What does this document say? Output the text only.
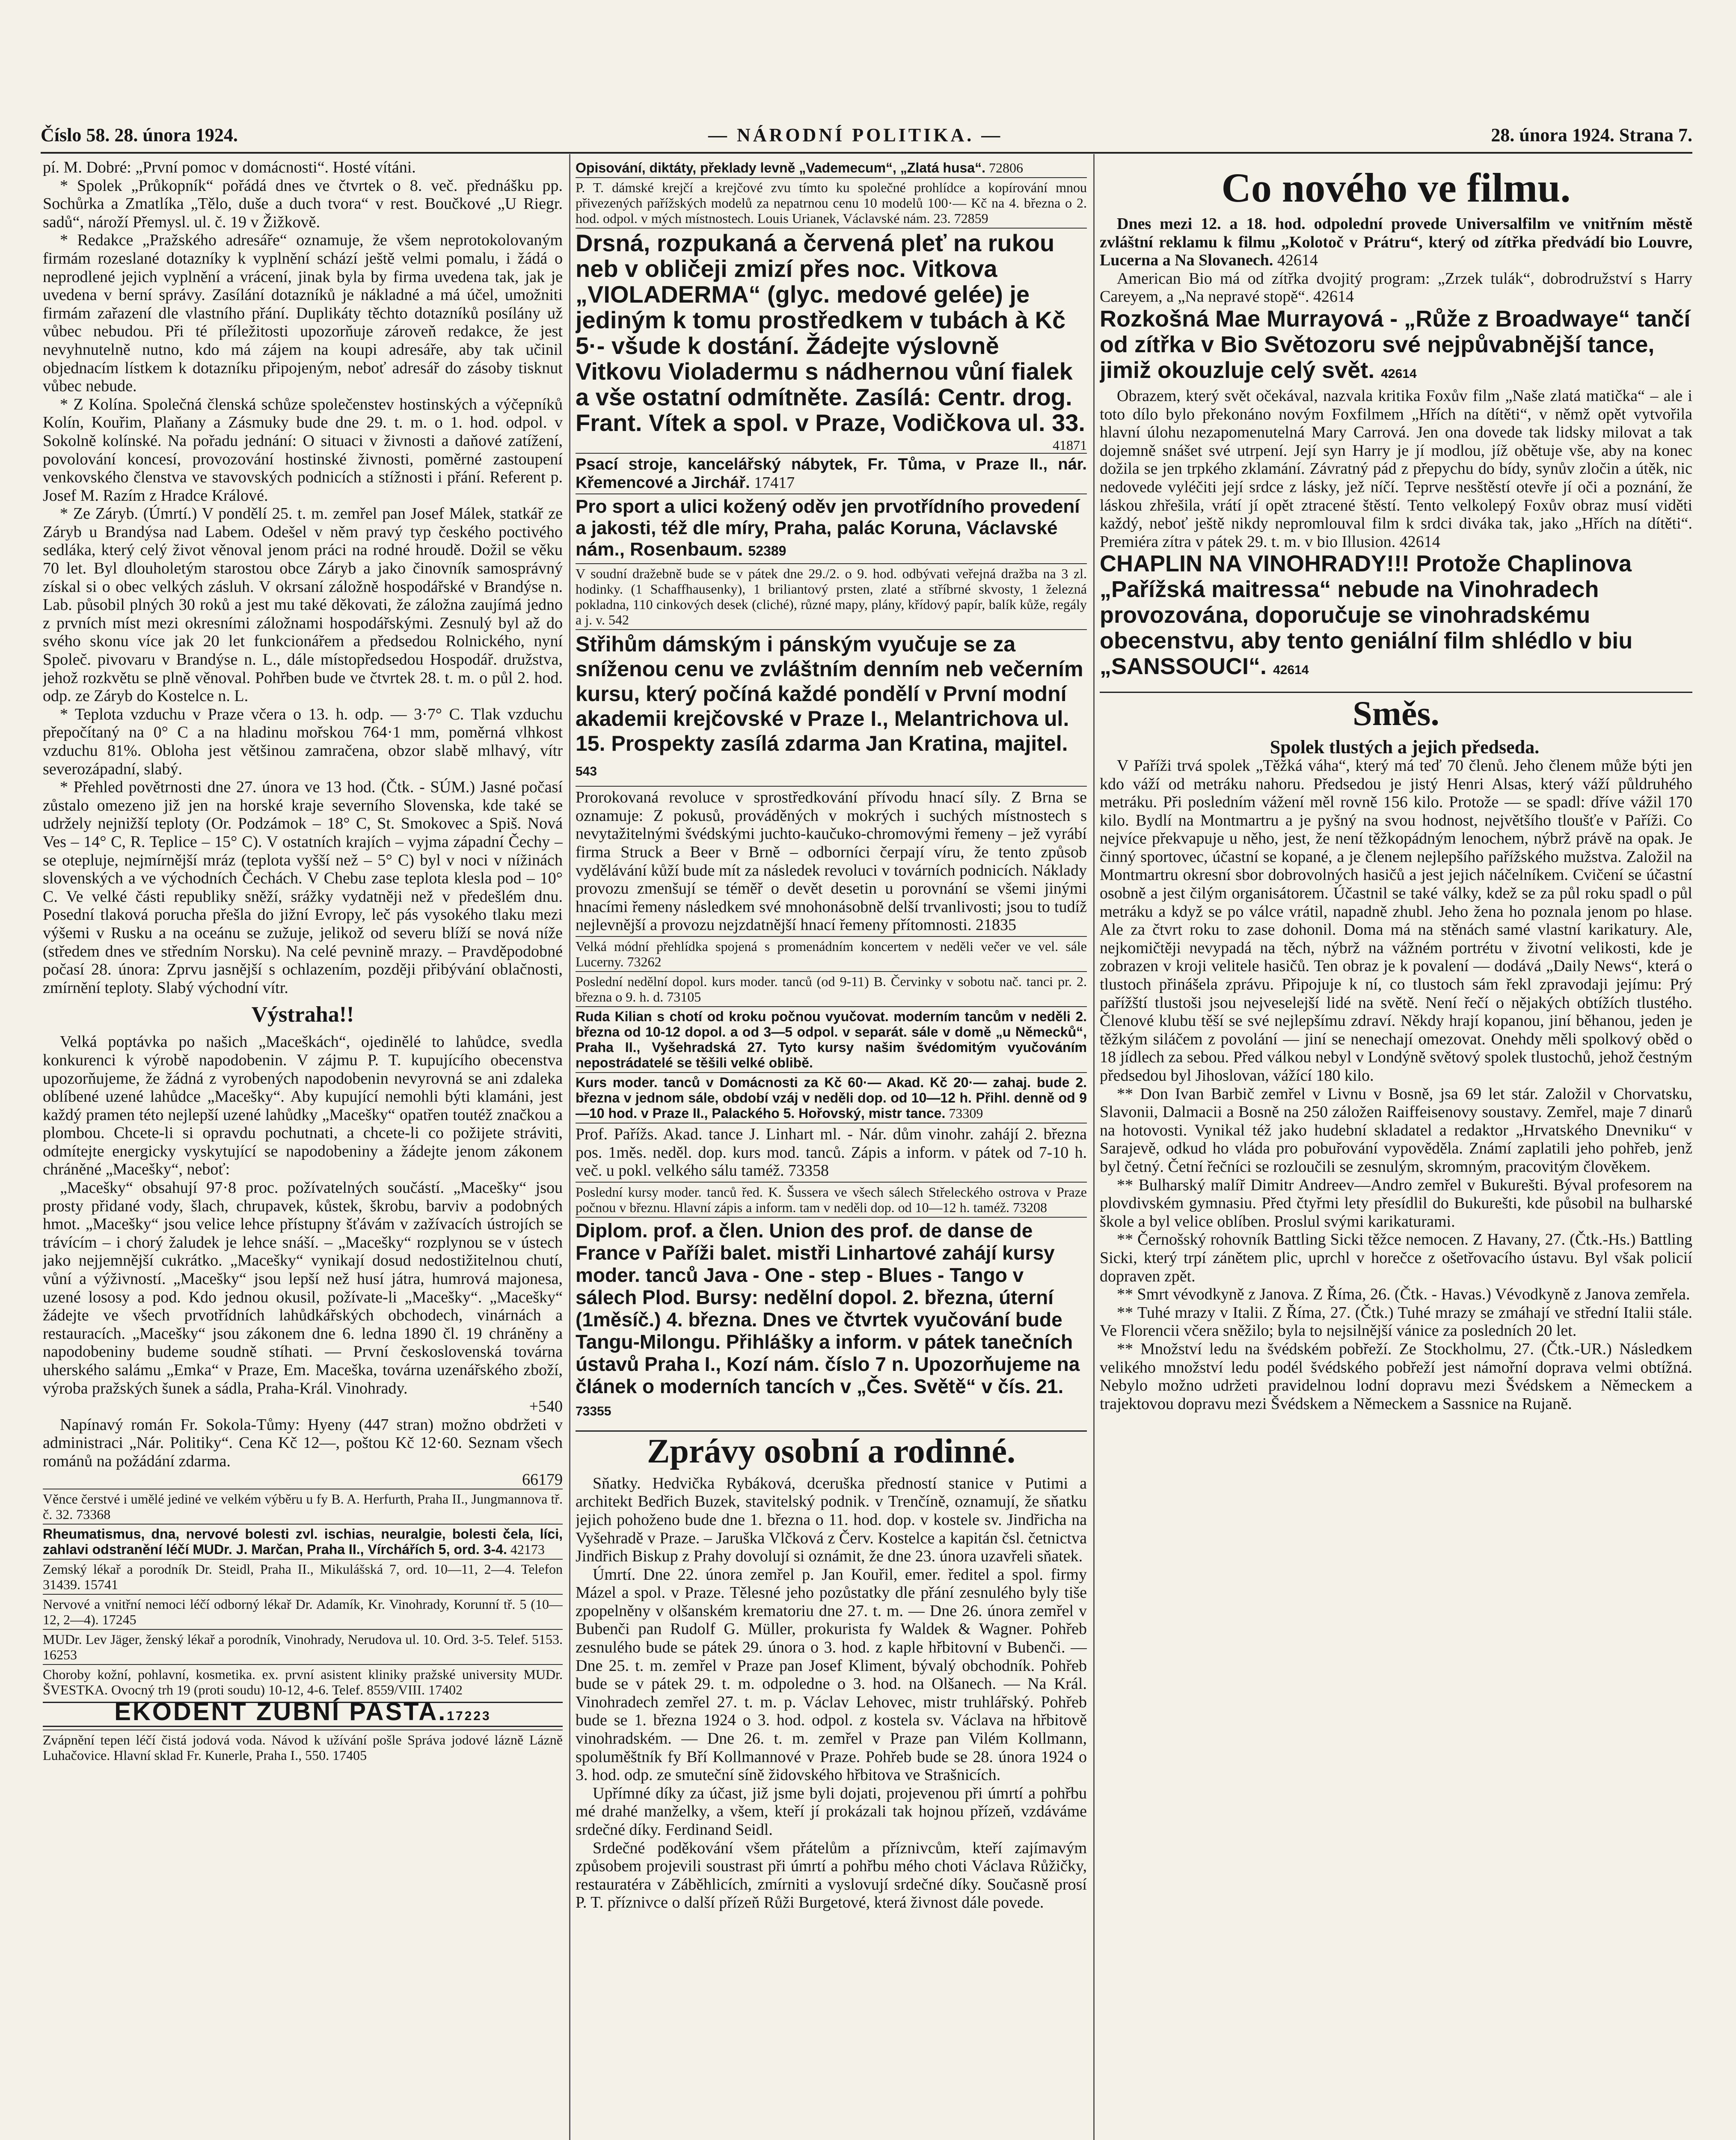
Číslo 58. 28. února 1924.	— NÁRODNÍ POLITIKA. —	28. února 1924. Strana 7.

pí. M. Dobré: „První pomoc v domácnosti“. Hosté vítáni.

* Spolek „Průkopník“ pořádá dnes ve čtvrtek o 8. več. přednášku pp. Sochůrka a Zmatlíka „Tělo, duše a duch tvora“ v rest. Boučkové „U Riegr. sadů“, nároží Přemysl. ul. č. 19 v Žižkově.

* Redakce „Pražského adresáře“ oznamuje, že všem neprotokolovaným firmám rozeslané dotazníky k vyplnění schází ještě velmi pomalu, i žádá o neprodlené jejich vyplnění a vrácení, jinak byla by firma uvedena tak, jak je uvedena v berní správy. Zasílání dotazníků je nákladné a má účel, umožniti firmám zařazení dle vlastního přání. Duplikáty těchto dotazníků posílány už vůbec nebudou. Při té příležitosti upozorňuje zároveň redakce, že jest nevyhnutelně nutno, kdo má zájem na koupi adresáře, aby tak učinil objednacím lístkem k dotazníku připojeným, neboť adresář do zásoby tisknut vůbec nebude.

* Z Kolína. Společná členská schůze společenstev hostinských a výčepníků Kolín, Kouřim, Plaňany a Zásmuky bude dne 29. t. m. o 1. hod. odpol. v Sokolně kolínské. Na pořadu jednání: O situaci v živnosti a daňové zatížení, povolování koncesí, provozování hostinské živnosti, poměrné zastoupení venkovského členstva ve stavovských podnicích a stížnosti i přání. Referent p. Josef M. Razím z Hradce Králové.

* Ze Záryb. (Úmrtí.) V pondělí 25. t. m. zemřel pan Josef Málek, statkář ze Záryb u Brandýsa nad Labem. Odešel v něm pravý typ českého poctivého sedláka, který celý život věnoval jenom práci na rodné hroudě. Dožil se věku 70 let. Byl dlouholetým starostou obce Záryb a jako činovník samosprávný získal si o obec velkých zásluh. V okrsaní záložně hospodářské v Brandýse n. Lab. působil plných 30 roků a jest mu také děkovati, že záložna zaujímá jedno z prvních míst mezi okresními záložnami hospodářskými. Zesnulý byl až do svého skonu více jak 20 let funkcionářem a předsedou Rolnického, nyní Společ. pivovaru v Brandýse n. L., dále místopředsedou Hospodář. družstva, jehož rozkvětu se plně věnoval. Pohřben bude ve čtvrtek 28. t. m. o půl 2. hod. odp. ze Záryb do Kostelce n. L.

* Teplota vzduchu v Praze včera o 13. h. odp. — 3·7° C. Tlak vzduchu přepočítaný na 0° C a na hladinu mořskou 764·1 mm, poměrná vlhkost vzduchu 81%. Obloha jest většinou zamračena, obzor slabě mlhavý, vítr severozápadní, slabý.

* Přehled povětrnosti dne 27. února ve 13 hod. (Čtk. - SÚM.) Jasné počasí zůstalo omezeno již jen na horské kraje severního Slovenska, kde také se udržely nejnižší teploty (Or. Podzámok – 18° C, St. Smokovec a Spiš. Nová Ves – 14° C, R. Teplice – 15° C). V ostatních krajích – vyjma západní Čechy – se otepluje, nejmírnější mráz (teplota vyšší než – 5° C) byl v noci v nížinách slovenských a ve východních Čechách. V Chebu zase teplota klesla pod – 10° C. Ve velké části republiky sněží, srážky vydatněji než v předešlém dnu. Posední tlaková porucha přešla do jižní Evropy, leč pás vysokého tlaku mezi výšemi v Rusku a na oceánu se zužuje, jelikož od severu blíží se nová níže (středem dnes ve středním Norsku). Na celé pevnině mrazy. – Pravděpodobné počasí 28. února: Zprvu jasnější s ochlazením, později přibývání oblačnosti, zmírnění teploty. Slabý východní vítr.

Výstraha!!

Velká poptávka po našich „Maceškách“, ojedinělé to lahůdce, svedla konkurenci k výrobě napodobenin. V zájmu P. T. kupujícího obecenstva upozorňujeme, že žádná z vyrobených napodobenin nevyrovná se ani zdaleka oblíbené uzené lahůdce „Macešky“. Aby kupující nemohli býti klamáni, jest každý pramen této nejlepší uzené lahůdky „Macešky“ opatřen toutéž značkou a plombou. Chcete-li si opravdu pochutnati, a chcete-li co požijete stráviti, odmítejte energicky vyskytující se napodobeniny a žádejte jenom zákonem chráněné „Macešky“, neboť:

„Macešky“ obsahují 97·8 proc. požívatelných součástí. „Macešky“ jsou prosty přidané vody, šlach, chrupavek, kůstek, škrobu, barviv a podobných hmot. „Macešky“ jsou velice lehce přístupny šťávám v zažívacích ústrojích se trávícím – i chorý žaludek je lehce snáší. – „Macešky“ rozplynou se v ústech jako nejjemnější cukrátko. „Macešky“ vynikají dosud nedostižitelnou chutí, vůní a výživností. „Macešky“ jsou lepší než husí játra, humrová majonesa, uzené lososy a pod. Kdo jednou okusil, požívate-li „Macešky“. „Macešky“ žádejte ve všech prvotřídních lahůdkářských obchodech, vinárnách a restauracích. „Macešky“ jsou zákonem dne 6. ledna 1890 čl. 19 chráněny a napodobeniny budeme soudně stíhati. — První československá továrna uherského salámu „Emka“ v Praze, Em. Maceška, továrna uzenářského zboží, výroba pražských šunek a sádla, Praha-Král. Vinohrady.

+540

Napínavý román Fr. Sokola-Tůmy: Hyeny (447 stran) možno obdržeti v administraci „Nár. Politiky“. Cena Kč 12—, poštou Kč 12·60. Seznam všech románů na požádání zdarma.

66179

Věnce čerstvé i umělé jediné ve velkém výběru u fy B. A. Herfurth, Praha II., Jungmannova tř. č. 32. 73368
Rheumatismus, dna, nervové bolesti zvl. ischias, neuralgie, bolesti čela, líci, zahlavi odstranění léčí MUDr. J. Marčan, Praha II., Vírchářích 5, ord. 3-4. 42173
Zemský lékař a porodník Dr. Steidl, Praha II., Mikulášská 7, ord. 10—11, 2—4. Telefon 31439. 15741
Nervové a vnitřní nemoci léčí odborný lékař Dr. Adamík, Kr. Vinohrady, Korunní tř. 5 (10—12, 2—4). 17245
MUDr. Lev Jäger, ženský lékař a porodník, Vinohrady, Nerudova ul. 10. Ord. 3-5. Telef. 5153. 16253
Choroby kožní, pohlavní, kosmetika. ex. první asistent kliniky pražské university MUDr. ŠVESTKA. Ovocný trh 19 (proti soudu) 10-12, 4-6. Telef. 8559/VIII. 17402
EKODENT ZUBNÍ PASTA.17223
Zvápnění tepen léčí čistá jodová voda. Návod k užívání pošle Správa jodové lázně Lázně Luhačovice. Hlavní sklad Fr. Kunerle, Praha I., 550. 17405
Opisování, diktáty, překlady levně „Vademecum“, „Zlatá husa“. 72806
P. T. dámské krejčí a krejčové zvu tímto ku společné prohlídce a kopírování mnou přivezených pařížských modelů za nepatrnou cenu 10 modelů 100·— Kč na 4. března o 2. hod. odpol. v mých místnostech. Louis Urianek, Václavské nám. 23. 72859
Drsná, rozpukaná a červená pleť na rukou neb v obličeji zmizí přes noc. Vitkova „VIOLADERMA“ (glyc. medové gelée) je jediným k tomu prostředkem v tubách à Kč 5·- všude k dostání. Žádejte výslovně Vitkovu Violadermu s nádhernou vůní fialek a vše ostatní odmítněte. Zasílá: Centr. drog. Frant. Vítek a spol. v Praze, Vodičkova ul. 33.

41871

Psací stroje, kancelářský nábytek, Fr. Tůma, v Praze II., nár. Křemencové a Jirchář. 17417
Pro sport a ulici kožený oděv jen prvotřídního provedení a jakosti, též dle míry, Praha, palác Koruna, Václavské nám., Rosenbaum. 52389
V soudní dražebně bude se v pátek dne 29./2. o 9. hod. odbývati veřejná dražba na 3 zl. hodinky. (1 Schaffhausenky), 1 briliantový prsten, zlaté a stříbrné skvosty, 1 železná pokladna, 110 cinkových desek (cliché), různé mapy, plány, křídový papír, balík kůže, regály a j. v. 542
Střihům dámským i pánským vyučuje se za sníženou cenu ve zvláštním denním neb večerním kursu, který počíná každé pondělí v První modní akademii krejčovské v Praze I., Melantrichova ul. 15. Prospekty zasílá zdarma Jan Kratina, majitel. 543
Prorokovaná revoluce v sprostředkování přívodu hnací síly. Z Brna se oznamuje: Z pokusů, prováděných v mokrých i suchých místnostech s nevytažitelnými švédskými juchto-kaučuko-chromovými řemeny – jež vyrábí firma Struck a Beer v Brně – odborníci čerpají víru, že tento způsob vydělávání kůží bude mít za následek revoluci v továrních podnicích. Náklady provozu zmenšují se téměř o devět desetin u porovnání se všemi jinými hnacími řemeny následkem své mnohonásobně delší trvanlivosti; jsou to tudíž nejlevnější a provozu nejzdatnější hnací řemeny přítomnosti. 21835
Velká módní přehlídka spojená s promenádním koncertem v neděli večer ve vel. sále Lucerny. 73262
Poslední nedělní dopol. kurs moder. tanců (od 9-11) B. Červinky v sobotu nač. tanci pr. 2. března o 9. h. d. 73105
Ruda Kilian s chotí od kroku počnou vyučovat. moderním tancům v neděli 2. března od 10-12 dopol. a od 3—5 odpol. v separát. sále v domě „u Německů“, Praha II., Vyšehradská 27. Tyto kursy našim švédomitým vyučováním nepostrádatelé se těšili velké oblibě.
Kurs moder. tanců v Domácnosti za Kč 60·— Akad. Kč 20·— zahaj. bude 2. března v jednom sále, období vzáj v neděli dop. od 10—12 h. Přihl. denně od 9—10 hod. v Praze II., Palackého 5. Hořovský, mistr tance. 73309
Prof. Pařížs. Akad. tance J. Linhart ml. - Nár. dům vinohr. zahájí 2. března pos. 1měs. neděl. dop. kurs mod. tanců. Zápis a inform. v pátek od 7-10 h. več. u pokl. velkého sálu taméž. 73358
Poslední kursy moder. tanců řed. K. Šussera ve všech sálech Střeleckého ostrova v Praze počnou v březnu. Hlavní zápis a inform. tam v neděli dop. od 10—12 h. taméž. 73208
Diplom. prof. a člen. Union des prof. de danse de France v Paříži balet. mistři Linhartové zahájí kursy moder. tanců Java - One - step - Blues - Tango v sálech Plod. Bursy: nedělní dopol. 2. března, úterní (1měsíč.) 4. března. Dnes ve čtvrtek vyučování bude Tangu-Milongu. Přihlášky a inform. v pátek tanečních ústavů Praha I., Kozí nám. číslo 7 n. Upozorňujeme na článek o moderních tancích v „Čes. Světě“ v čís. 21. 73355
Zprávy osobní a rodinné.

Sňatky. Hedvička Rybáková, dceruška předností stanice v Putimi a architekt Bedřich Buzek, stavitelský podnik. v Trenčíně, oznamují, že sňatku jejich pohoženo bude dne 1. března o 11. hod. dop. v kostele sv. Jindřicha na Vyšehradě v Praze. – Jaruška Vlčková z Červ. Kostelce a kapitán čsl. četnictva Jindřich Biskup z Prahy dovolují si oznámit, že dne 23. února uzavřeli sňatek.

Úmrtí. Dne 22. února zemřel p. Jan Kouřil, emer. ředitel a spol. firmy Mázel a spol. v Praze. Tělesné jeho pozůstatky dle přání zesnulého byly tiše zpopelněny v olšanském krematoriu dne 27. t. m. — Dne 26. února zemřel v Bubenči pan Rudolf G. Müller, prokurista fy Waldek & Wagner. Pohřeb zesnulého bude se pátek 29. února o 3. hod. z kaple hřbitovní v Bubenči. — Dne 25. t. m. zemřel v Praze pan Josef Kliment, bývalý obchodník. Pohřeb bude se v pátek 29. t. m. odpoledne o 3. hod. na Olšanech. — Na Král. Vinohradech zemřel 27. t. m. p. Václav Lehovec, mistr truhlářský. Pohřeb bude se 1. března 1924 o 3. hod. odpol. z kostela sv. Václava na hřbitově vinohradském. — Dne 26. t. m. zemřel v Praze pan Vilém Kollmann, spoluměštník fy Bří Kollmannové v Praze. Pohřeb bude se 28. února 1924 o 3. hod. odp. ze smuteční síně židovského hřbitova ve Strašnicích.

Upřímné díky za účast, již jsme byli dojati, projevenou při úmrtí a pohřbu mé drahé manželky, a všem, kteří jí prokázali tak hojnou přízeň, vzdáváme srdečné díky. Ferdinand Seidl.

Srdečné poděkování všem přátelům a příznivcům, kteří zajímavým způsobem projevili soustrast při úmrtí a pohřbu mého choti Václava Růžičky, restauratéra v Záběhlicích, zmírniti a vyslovují srdečné díky. Současně prosí P. T. příznivce o další přízeň Růži Burgetové, která živnost dále povede.

Co nového ve filmu.

Dnes mezi 12. a 18. hod. odpolední provede Universalfilm ve vnitřním městě zvláštní reklamu k filmu „Kolotoč v Prátru“, který od zítřka předvádí bio Louvre, Lucerna a Na Slovanech. 42614

American Bio má od zítřka dvojitý program: „Zrzek tulák“, dobrodružství s Harry Careyem, a „Na nepravé stopě“. 42614

Rozkošná Mae Murrayová - „Růže z Broadwaye“ tančí od zítřka v Bio Světozoru své nejpůvabnější tance, jimiž okouzluje celý svět. 42614

Obrazem, který svět očekával, nazvala kritika Foxův film „Naše zlatá matička“ – ale i toto dílo bylo překonáno novým Foxfilmem „Hřích na dítěti“, v němž opět vytvořila hlavní úlohu nezapomenutelná Mary Carrová. Jen ona dovede tak lidsky milovat a tak dojemně snášet své utrpení. Její syn Harry je jí modlou, jíž obětuje vše, aby na konec dožila se jen trpkého zklamání. Závratný pád z přepychu do bídy, synův zločin a útěk, nic nedovede vyléčiti její srdce z lásky, jež níčí. Teprve nesštěstí otevře jí oči a poznání, že láskou zhřešila, vrátí jí opět ztracené štěstí. Tento velkolepý Foxův obraz musí viděti každý, neboť ještě nikdy nepromlouval film k srdci diváka tak, jako „Hřích na dítěti“. Premiéra zítra v pátek 29. t. m. v bio Illusion. 42614

CHAPLIN NA VINOHRADY!!! Protože Chaplinova „Pařížská maitressa“ nebude na Vinohradech provozována, doporučuje se vinohradskému obecenstvu, aby tento geniální film shlédlo v biu „SANSSOUCI“. 42614
Směs.

Spolek tlustých a jejich předseda.

V Paříži trvá spolek „Těžká váha“, který má teď 70 členů. Jeho členem může býti jen kdo váží od metráku nahoru. Předsedou je jistý Henri Alsas, který váží půldruhého metráku. Při posledním vážení měl rovně 156 kilo. Protože — se spadl: dříve vážil 170 kilo. Bydlí na Montmartru a je pyšný na svou hodnost, největšího tloušťe v Paříži. Co nejvíce překvapuje u něho, jest, že není těžkopádným lenochem, nýbrž právě na opak. Je činný sportovec, účastní se kopané, a je členem nejlepšího pařížského mužstva. Založil na Montmartru okresní sbor dobrovolných hasičů a jest jejich náčelníkem. Cvičení se účastní osobně a jest čilým organisátorem. Účastnil se také války, kdež se za půl roku spadl o půl metráku a když se po válce vrátil, napadně zhubl. Jeho žena ho poznala jenom po hlase. Ale za čtvrt roku to zase dohonil. Doma má na stěnách samé vlastní karikatury. Ale, nejkomičtěji nevypadá na těch, nýbrž na vážném portrétu v životní velikosti, kde je zobrazen v kroji velitele hasičů. Ten obraz je k povalení — dodává „Daily News“, která o tlustoch přinášela zprávu. Připojuje k ní, co tlustoch sám řekl zpravodaji jejímu: Prý pařížští tlustoši jsou nejveselejší lidé na světě. Není řečí o nějakých obtížích tlustého. Členové klubu těší se své nejlepšímu zdraví. Někdy hrají kopanou, jiní běhanou, jeden je těžkým siláčem z povolání — jiní se nenechají omezovat. Onehdy měli spolkový oběd o 18 jídlech za sebou. Před válkou nebyl v Londýně světový spolek tlustochů, jehož čestným předsedou byl Jihoslovan, vážící 180 kilo.

** Don Ivan Barbič zemřel v Livnu v Bosně, jsa 69 let stár. Založil v Chorvatsku, Slavonii, Dalmacii a Bosně na 250 záložen Raiffeisenovy soustavy. Zemřel, maje 7 dinarů na hotovosti. Vynikal též jako hudební skladatel a redaktor „Hrvatského Dnevniku“ v Sarajevě, odkud ho vláda pro pobuřování vypověděla. Známí zaplatili jeho pohřeb, jenž byl četný. Četní řečníci se rozloučili se zesnulým, skromným, pracovitým člověkem.

** Bulharský malíř Dimitr Andreev—Andro zemřel v Bukurešti. Býval profesorem na plovdivském gymnasiu. Před čtyřmi lety přesídlil do Bukurešti, kde působil na bulharské škole a byl velice oblíben. Proslul svými karikaturami.

** Černošský rohovník Battling Sicki těžce nemocen. Z Havany, 27. (Čtk.-Hs.) Battling Sicki, který trpí zánětem plic, uprchl v horečce z ošetřovacího ústavu. Byl však policií dopraven zpět.

** Smrt vévodkyně z Janova. Z Říma, 26. (Čtk. - Havas.) Vévodkyně z Janova zemřela.

** Tuhé mrazy v Italii. Z Říma, 27. (Čtk.) Tuhé mrazy se zmáhají ve střední Italii stále. Ve Florencii včera sněžilo; byla to nejsilnější vánice za posledních 20 let.

** Množství ledu na švédském pobřeží. Ze Stockholmu, 27. (Čtk.-UR.) Následkem velikého množství ledu podél švédského pobřeží jest námořní doprava velmi obtížná. Nebylo možno udržeti pravidelnou lodní dopravu mezi Švédskem a Německem a trajektovou dopravu mezi Švédskem a Německem a Sassnice na Rujaně.
